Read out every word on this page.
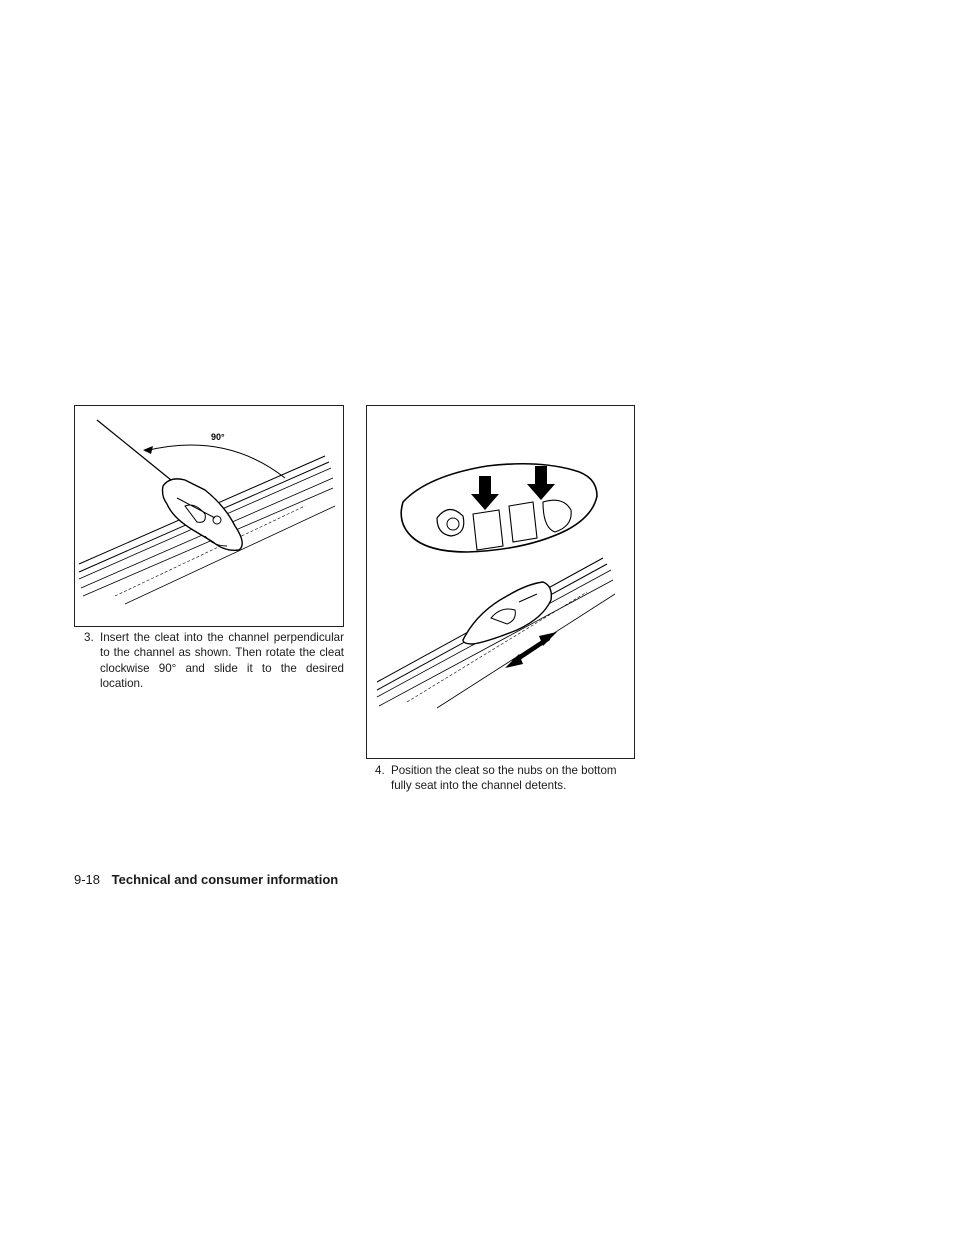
90°
3. Insert the cleat into the channel perpendicular to the channel as shown. Then rotate the cleat clockwise 90° and slide it to the desired location.
4. Position the cleat so the nubs on the bottom fully seat into the channel detents.
9-18 Technical and consumer information
